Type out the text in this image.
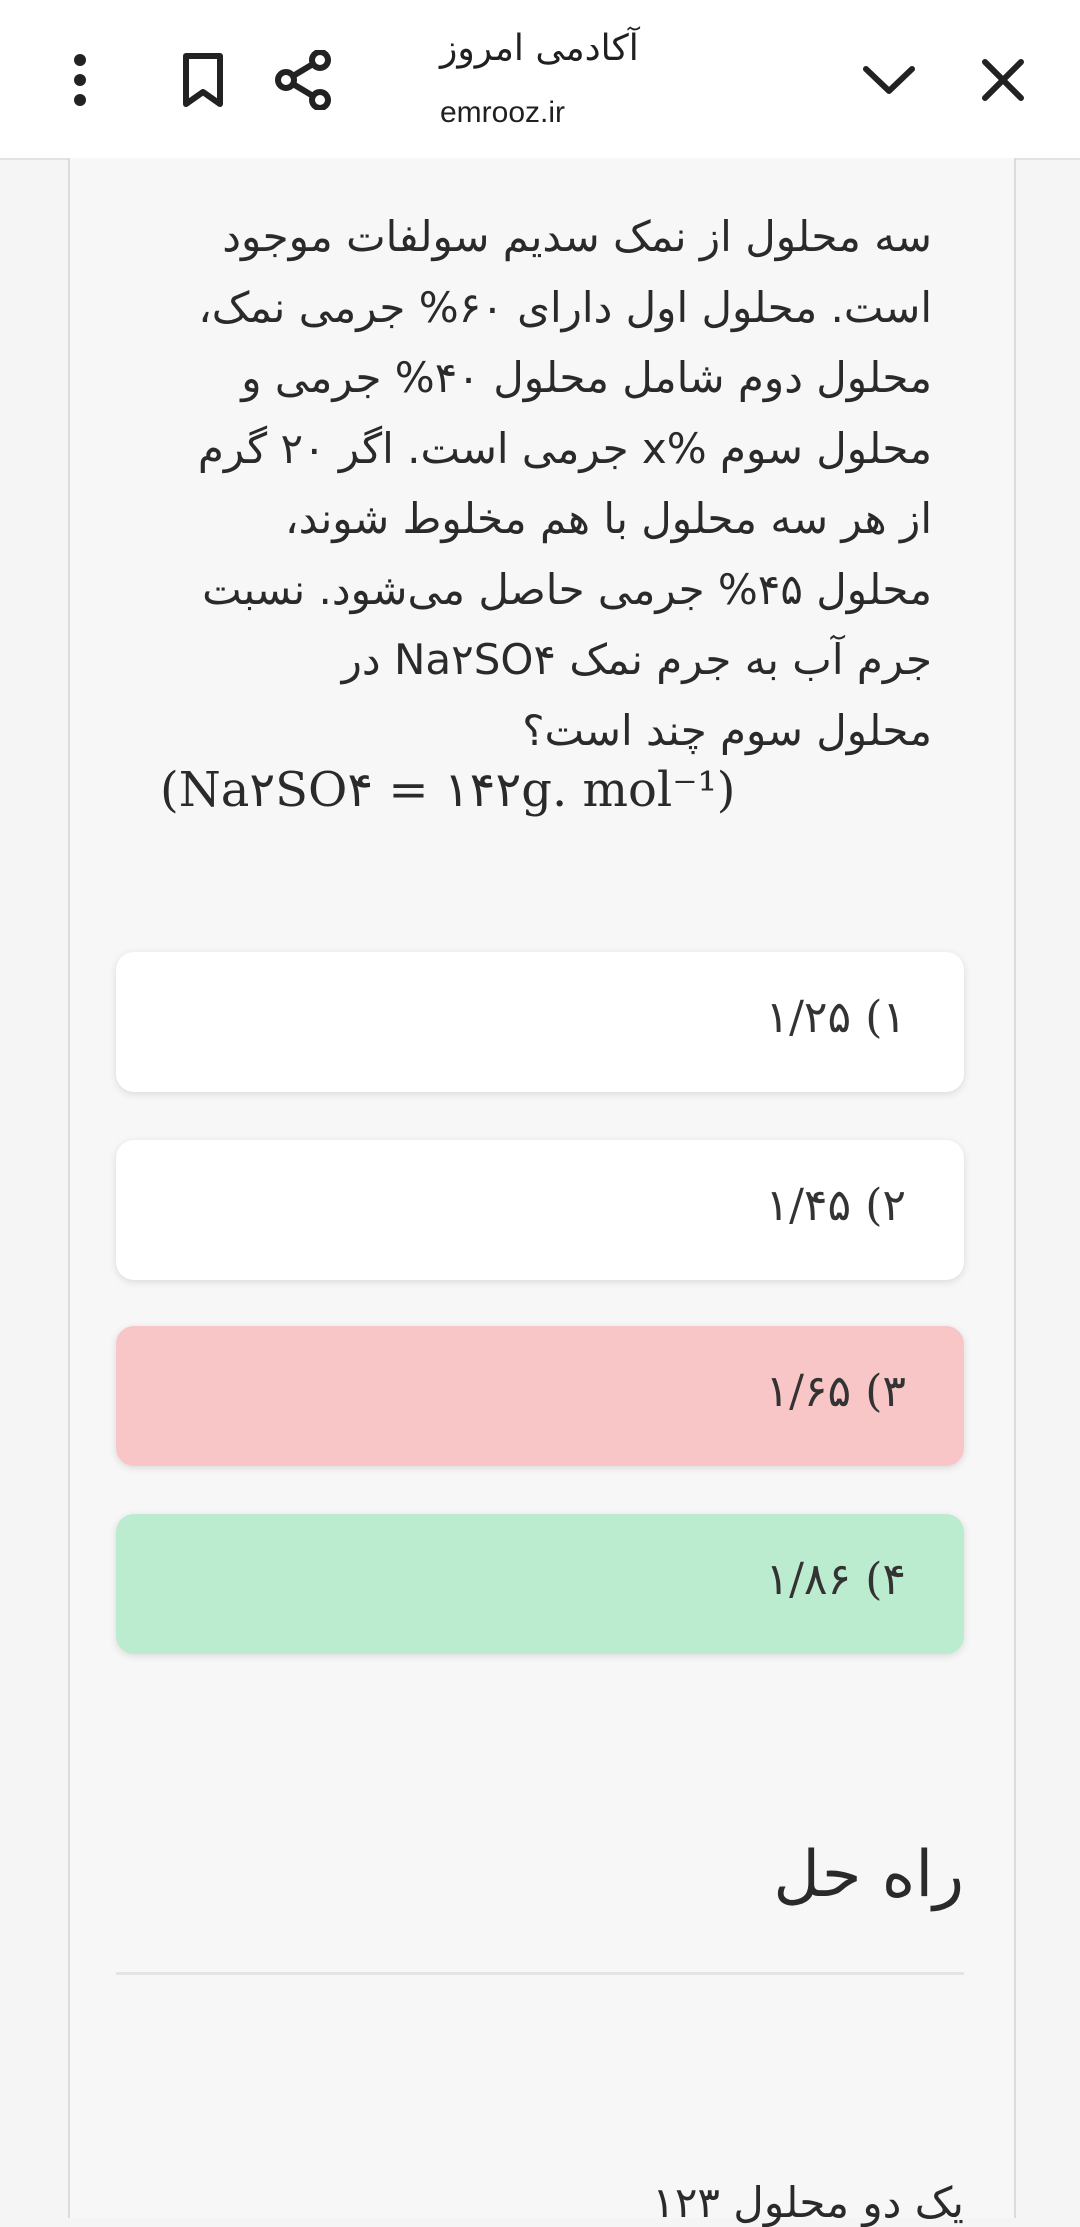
آکادمی امروز
emrooz.ir
سه محلول از نمک سدیم سولفات موجود
است. محلول اول دارای ۶۰% جرمی نمک،
محلول دوم شامل محلول ۴۰% جرمی و
محلول سوم %x جرمی است. اگر ۲۰ گرم
از هر سه محلول با هم مخلوط شوند،
محلول ۴۵% جرمی حاصل می‌شود. نسبت
جرم آب به جرم نمک Na۲SO۴ در
محلول سوم چند است؟
(Na۲SO۴ = ۱۴۲g. mol⁻¹)
۱) ۱/۲۵
۲) ۱/۴۵
۳) ۱/۶۵
۴) ۱/۸۶
راه حل
یک دو محلول ۱۲۳
